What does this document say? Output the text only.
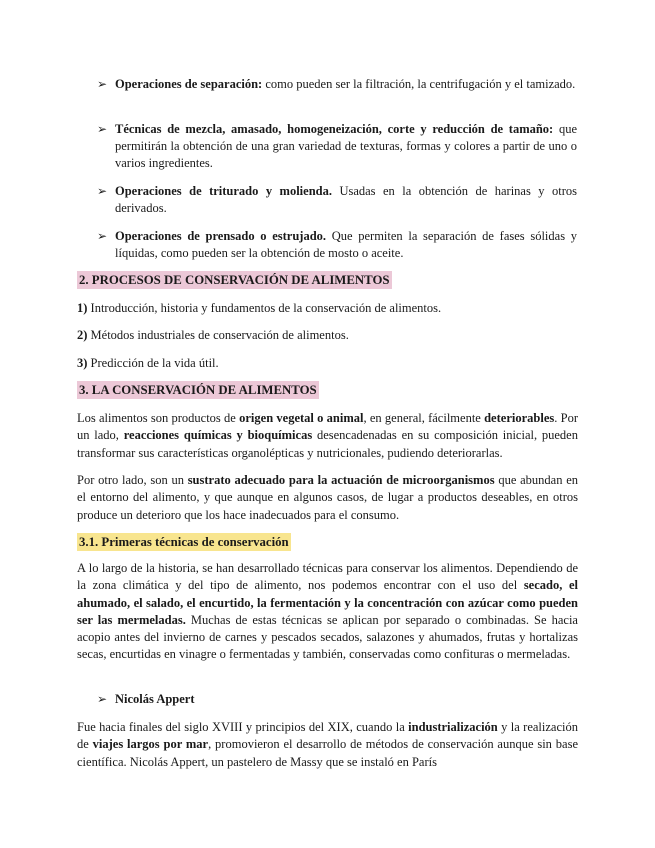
➢ Operaciones de separación: como pueden ser la filtración, la centrifugación y el tamizado.
➢ Técnicas de mezcla, amasado, homogeneización, corte y reducción de tamaño: que permitirán la obtención de una gran variedad de texturas, formas y colores a partir de uno o varios ingredientes.
➢ Operaciones de triturado y molienda. Usadas en la obtención de harinas y otros derivados.
➢ Operaciones de prensado o estrujado. Que permiten la separación de fases sólidas y líquidas, como pueden ser la obtención de mosto o aceite.
2. PROCESOS DE CONSERVACIÓN DE ALIMENTOS
1) Introducción, historia y fundamentos de la conservación de alimentos.
2) Métodos industriales de conservación de alimentos.
3) Predicción de la vida útil.
3. LA CONSERVACIÓN DE ALIMENTOS
Los alimentos son productos de origen vegetal o animal, en general, fácilmente deteriorables. Por un lado, reacciones químicas y bioquímicas desencadenadas en su composición inicial, pueden transformar sus características organolépticas y nutricionales, pudiendo deteriorarlas.
Por otro lado, son un sustrato adecuado para la actuación de microorganismos que abundan en el entorno del alimento, y que aunque en algunos casos, de lugar a productos deseables, en otros produce un deterioro que los hace inadecuados para el consumo.
3.1. Primeras técnicas de conservación
A lo largo de la historia, se han desarrollado técnicas para conservar los alimentos. Dependiendo de la zona climática y del tipo de alimento, nos podemos encontrar con el uso del secado, el ahumado, el salado, el encurtido, la fermentación y la concentración con azúcar como pueden ser las mermeladas. Muchas de estas técnicas se aplican por separado o combinadas. Se hacia acopio antes del invierno de carnes y pescados secados, salazones y ahumados, frutas y hortalizas secas, encurtidas en vinagre o fermentadas y también, conservadas como confituras o mermeladas.
➢ Nicolás Appert
Fue hacia finales del siglo XVIII y principios del XIX, cuando la industrialización y la realización de viajes largos por mar, promovieron el desarrollo de métodos de conservación aunque sin base científica. Nicolás Appert, un pastelero de Massy que se instaló en París
